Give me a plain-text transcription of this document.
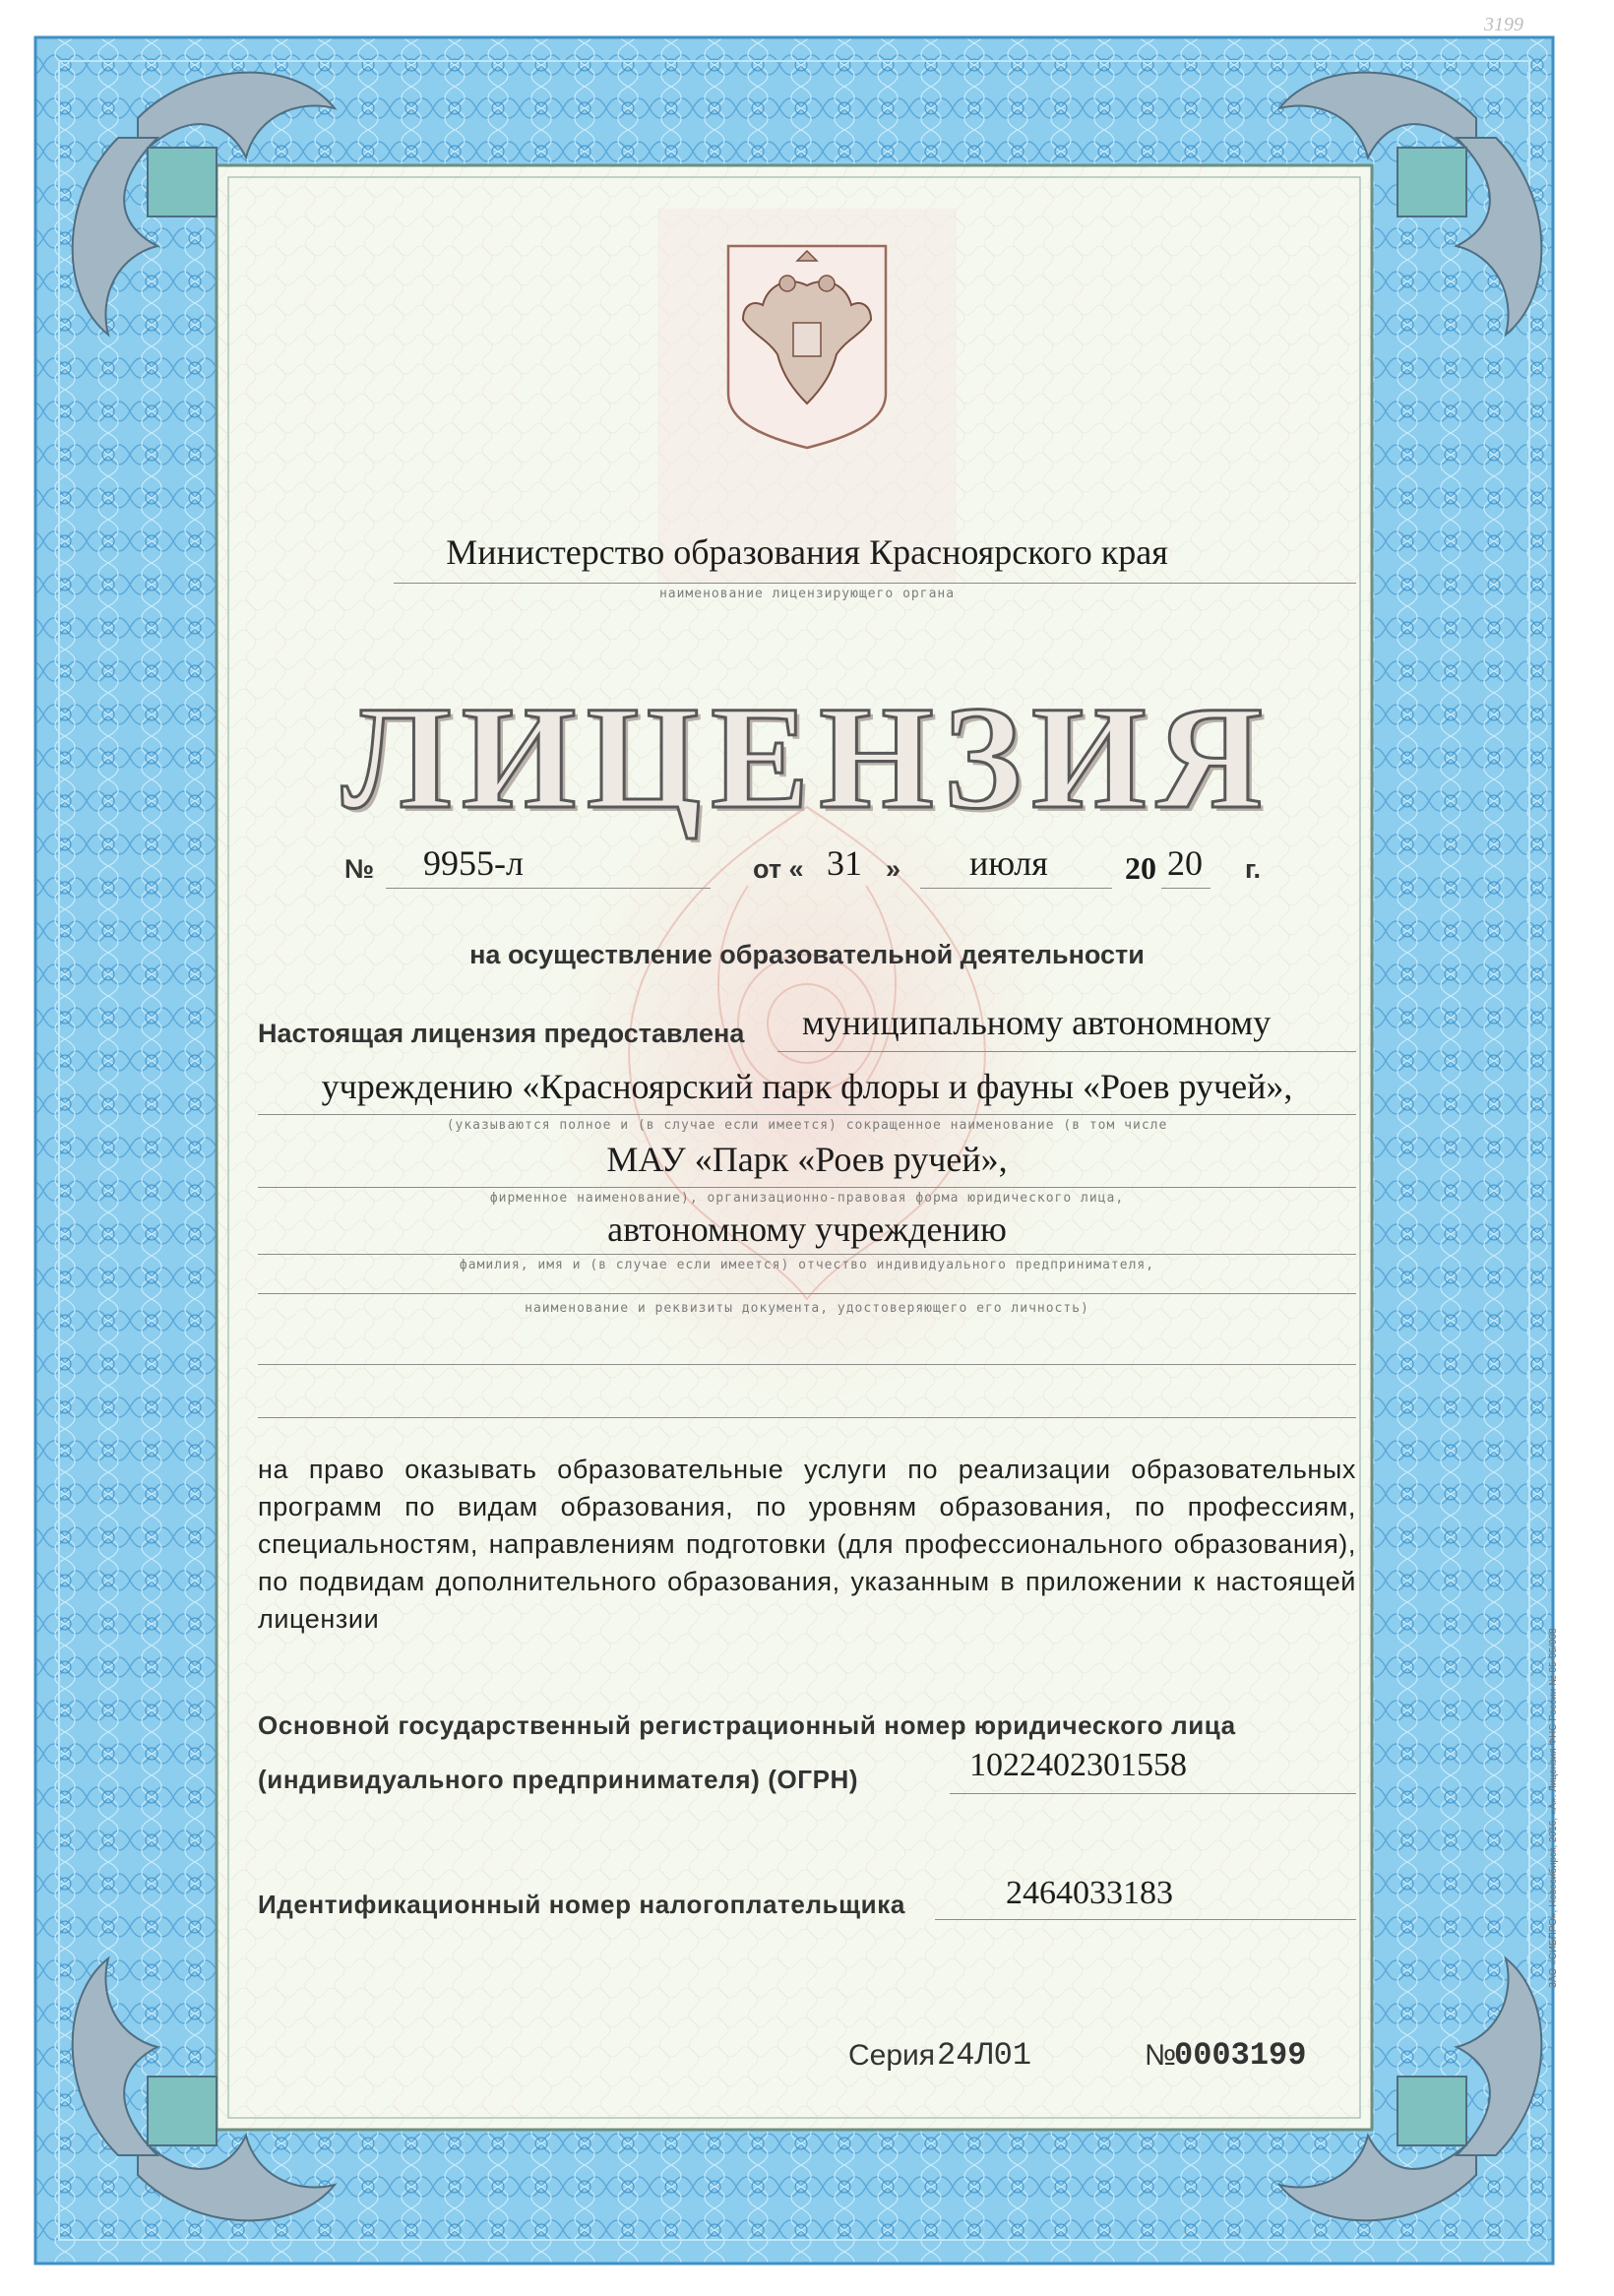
3199
Министерство образования Красноярского края
наименование лицензирующего органа
ЛИЦЕНЗИЯ
№ 9955-л	от « 31 » июля 20 20 г.
на осуществление образовательной деятельности
Настоящая лицензия предоставлена муниципальному автономному
учреждению «Красноярский парк флоры и фауны «Роев ручей»,
(указываются полное и (в случае если имеется) сокращенное наименование (в том числе
МАУ «Парк «Роев ручей»,
фирменное наименование), организационно-правовая форма юридического лица,
автономному учреждению
фамилия, имя и (в случае если имеется) отчество индивидуального предпринимателя,
наименование и реквизиты документа, удостоверяющего его личность)
на право оказывать образовательные услуги по реализации образовательных программ по видам образования, по уровням образования, по профессиям, специальностям, направлениям подготовки (для профессионального образования), по подвидам дополнительного образования, указанным в приложении к настоящей лицензии
Основной государственный регистрационный номер юридического лица
(индивидуального предпринимателя) (ОГРН)	1022402301558
Идентификационный номер налогоплательщика	2464033183
Серия 24Л01	№
0003199
ЗАО «СИБПРО», Новосибирск, 2016, «А». Лицензия ФНС России № 05-05/008
